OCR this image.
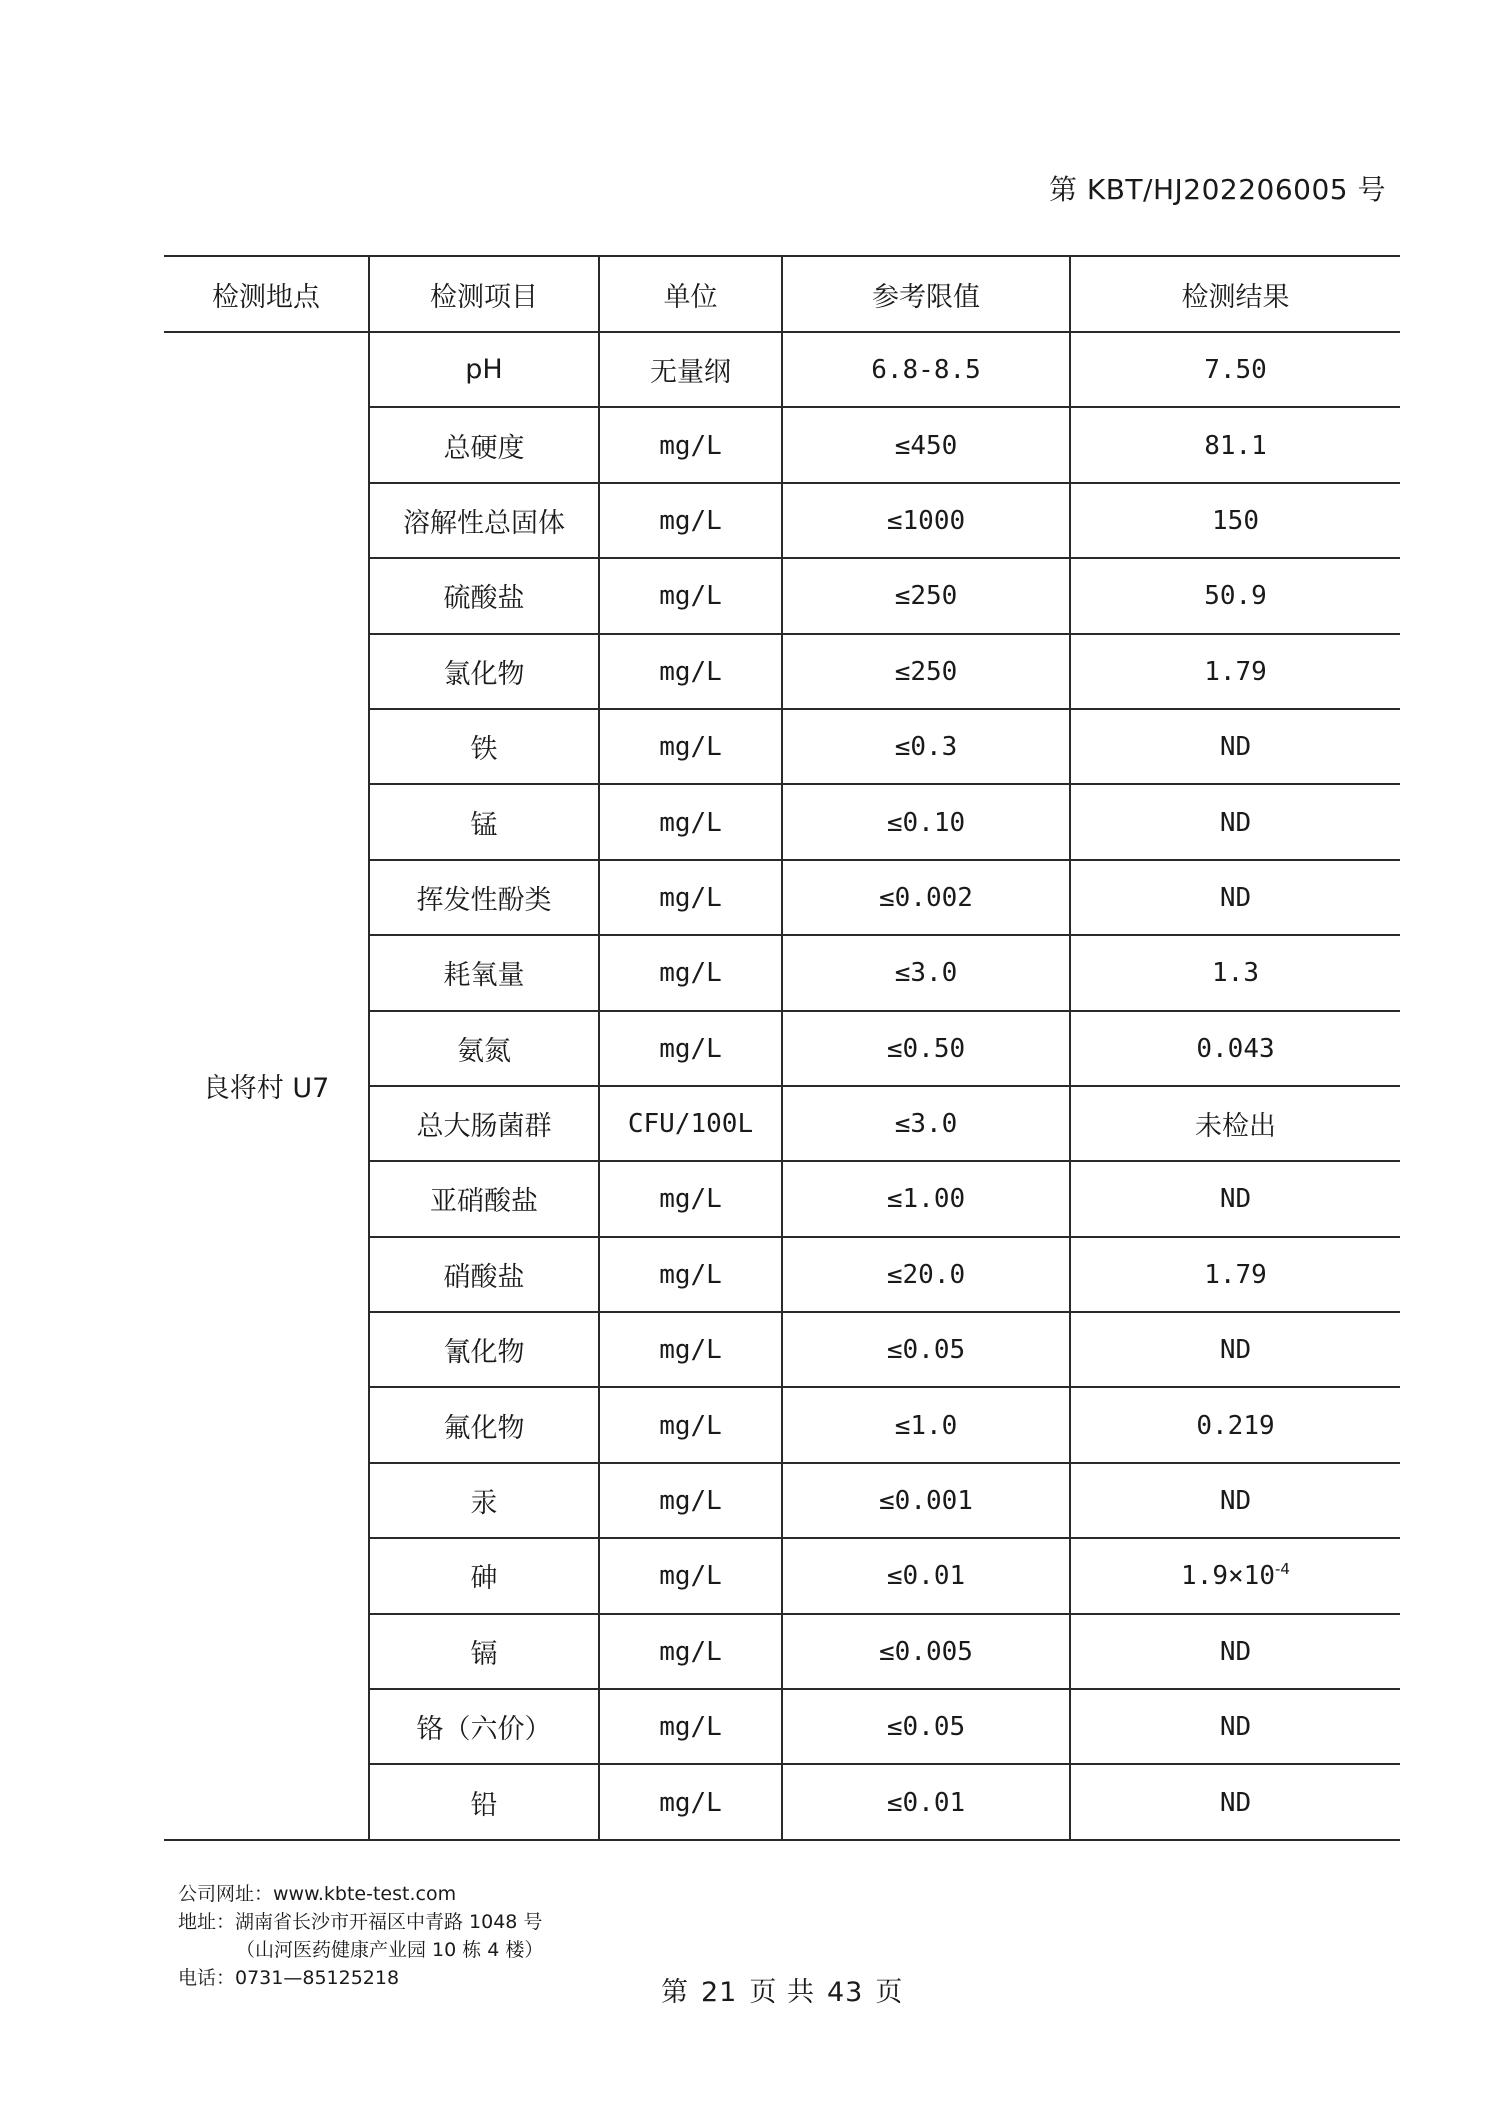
第 KBT/HJ202206005 号
检测地点	检测项目	单位	参考限值	检测结果
良将村 U7	pH	无量纲	6.8-8.5	7.50
	总硬度	mg/L	≤450	81.1
	溶解性总固体	mg/L	≤1000	150
	硫酸盐	mg/L	≤250	50.9
	氯化物	mg/L	≤250	1.79
	铁	mg/L	≤0.3	ND
	锰	mg/L	≤0.10	ND
	挥发性酚类	mg/L	≤0.002	ND
	耗氧量	mg/L	≤3.0	1.3
	氨氮	mg/L	≤0.50	0.043
	总大肠菌群	CFU/100L	≤3.0	未检出
	亚硝酸盐	mg/L	≤1.00	ND
	硝酸盐	mg/L	≤20.0	1.79
	氰化物	mg/L	≤0.05	ND
	氟化物	mg/L	≤1.0	0.219
	汞	mg/L	≤0.001	ND
	砷	mg/L	≤0.01	$1.9\times 10^{-4}$
	镉	mg/L	≤0.005	ND
	铬（六价）	mg/L	≤0.05	ND
	铅	mg/L	≤0.01	ND
公司网址：www.kbte-test.com
地址：湖南省长沙市开福区中青路 1048 号
（山河医药健康产业园 10 栋 4 楼）
电话：0731—85125218	第 21 页 共 43 页
